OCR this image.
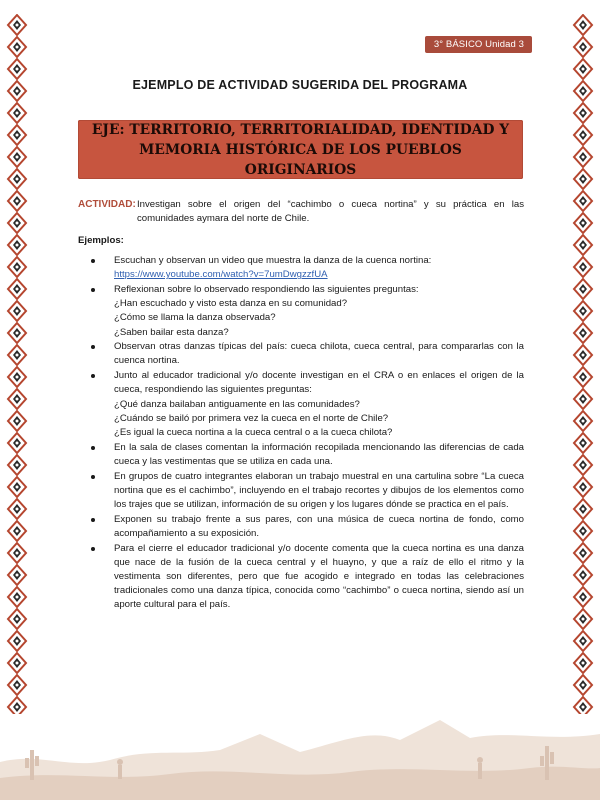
3° BÁSICO Unidad 3
EJEMPLO DE ACTIVIDAD SUGERIDA DEL PROGRAMA
EJE: TERRITORIO, TERRITORIALIDAD, IDENTIDAD Y
MEMORIA HISTÓRICA DE LOS PUEBLOS ORIGINARIOS
ACTIVIDAD: Investigan sobre el origen del “cachimbo o cueca nortina” y su práctica en las comunidades aymara del norte de Chile.
Ejemplos:
Escuchan y observan un video que muestra la danza de la cuenca nortina:
https://www.youtube.com/watch?v=7umDwgzzfUA
Reflexionan sobre lo observado respondiendo las siguientes preguntas:
¿Han escuchado y visto esta danza en su comunidad?
¿Cómo se llama la danza observada?
¿Saben bailar esta danza?
Observan otras danzas típicas del país: cueca chilota, cueca central, para compararlas con la cuenca nortina.
Junto al educador tradicional y/o docente investigan en el CRA o en enlaces el origen de la cueca, respondiendo las siguientes preguntas:
¿Qué danza bailaban antiguamente en las comunidades?
¿Cuándo se bailó por primera vez la cueca en el norte de Chile?
¿Es igual la cueca nortina a la cueca central o a la cueca chilota?
En la sala de clases comentan la información recopilada mencionando las diferencias de cada cueca y las vestimentas que se utiliza en cada una.
En grupos de cuatro integrantes elaboran un trabajo muestral en una cartulina sobre “La cueca nortina que es el cachimbo”, incluyendo en el trabajo recortes y dibujos de los elementos como los trajes que se utilizan, información de su origen y los lugares dónde se practica en el país.
Exponen su trabajo frente a sus pares, con una música de cueca nortina de fondo, como acompañamiento a su exposición.
Para el cierre el educador tradicional y/o docente comenta que la cueca nortina es una danza que nace de la fusión de la cueca central y el huayno, y que a raíz de ello el ritmo y la vestimenta son diferentes, pero que fue acogido e integrado en todas las celebraciones tradicionales como una danza típica, conocida como “cachimbo” o cueca nortina, siendo así un aporte cultural para el país.
